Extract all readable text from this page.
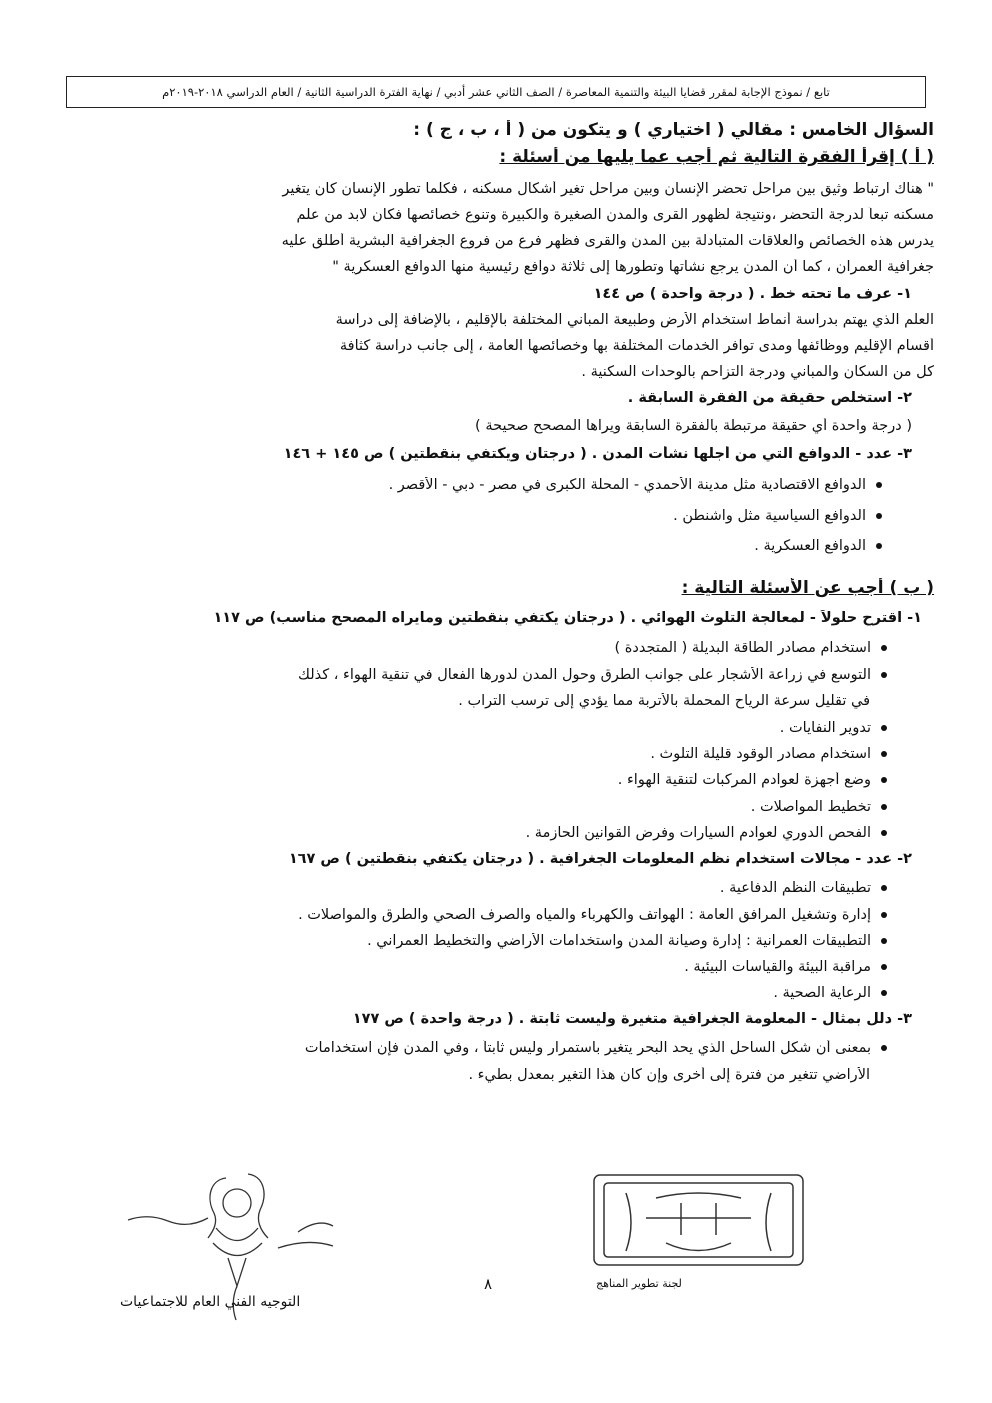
تابع / نموذج الإجابة لمقرر قضايا البيئة والتنمية المعاصرة / الصف الثاني عشر أدبي / نهاية الفترة الدراسية الثانية / العام الدراسي ٢٠١٨-٢٠١٩م
السؤال الخامس : مقالي ( اختياري ) و يتكون من ( أ ، ب ، ج ) :
( أ ) إقرأ الفقرة التالية ثم أجب عما يليها من أسئلة :
" هناك ارتباط وثيق بين مراحل تحضر الإنسان وبين مراحل تغير أشكال مسكنه ، فكلما تطور الإنسان كان يتغير
مسكنه تبعاً لدرجة التحضر ،ونتيجة لظهور القرى والمدن الصغيرة والكبيرة وتنوع خصائصها فكان لابد من علم
يدرس هذه الخصائص والعلاقات المتبادلة بين المدن والقرى فظهر فرع من فروع الجغرافية البشرية أطلق عليه
جغرافية العمران ، كما أن المدن يرجع نشأتها وتطورها إلى ثلاثة دوافع رئيسية منها الدوافع العسكرية "
١- عرف ما تحته خط . ( درجة واحدة ) ص ١٤٤
العلم الذي يهتم بدراسة أنماط استخدام الأرض وطبيعة المباني المختلفة بالإقليم ، بالإضافة إلى دراسة
أقسام الإقليم ووظائفها ومدى توافر الخدمات المختلفة بها وخصائصها العامة ، إلى جانب دراسة كثافة
كل من السكان والمباني ودرجة التزاحم بالوحدات السكنية .
٢- استخلص حقيقة من الفقرة السابقة .
( درجة واحدة أي حقيقة مرتبطة بالفقرة السابقة ويراها المصحح صحيحة )
٣- عدد - الدوافع التي من أجلها نشأت المدن . ( درجتان ويكتفي بنقطتين ) ص ١٤٥ + ١٤٦
الدوافع الاقتصادية مثل مدينة الأحمدي - المحلة الكبرى في مصر - دبي - الأقصر .
الدوافع السياسية مثل واشنطن .
الدوافع العسكرية .
( ب ) أجب عن الأسئلة التالية :
١- اقترح حلولاً - لمعالجة التلوث الهوائي . ( درجتان يكتفي بنقطتين ومايراه المصحح مناسب) ص ١١٧
استخدام مصادر الطاقة البديلة ( المتجددة )
التوسع في زراعة الأشجار على جوانب الطرق وحول المدن لدورها الفعال في تنقية الهواء ، كذلك
في تقليل سرعة الرياح المحملة بالأتربة مما يؤدي إلى ترسب التراب .
تدوير النفايات .
استخدام مصادر الوقود قليلة التلوث .
وضع أجهزة لعوادم المركبات لتنقية الهواء .
تخطيط المواصلات .
الفحص الدوري لعوادم السيارات وفرض القوانين الحازمة .
٢- عدد - مجالات استخدام نظم المعلومات الجغرافية . ( درجتان يكتفي بنقطتين ) ص ١٦٧
تطبيقات النظم الدفاعية .
إدارة وتشغيل المرافق العامة : الهواتف والكهرباء والمياه والصرف الصحي والطرق والمواصلات .
التطبيقات العمرانية : إدارة وصيانة المدن واستخدامات الأراضي والتخطيط العمراني .
مراقبة البيئة والقياسات البيئية .
الرعاية الصحية .
٣- دلل بمثال - المعلومة الجغرافية متغيرة وليست ثابتة . ( درجة واحدة ) ص ١٧٧
بمعنى أن شكل الساحل الذي يحد البحر يتغير باستمرار وليس ثابتاً ، وفي المدن فإن استخدامات
الأراضي تتغير من فترة إلى أخرى وإن كان هذا التغير بمعدل بطيء .
٨
التوجيه الفني العام للاجتماعيات
لجنة تطوير المناهج
